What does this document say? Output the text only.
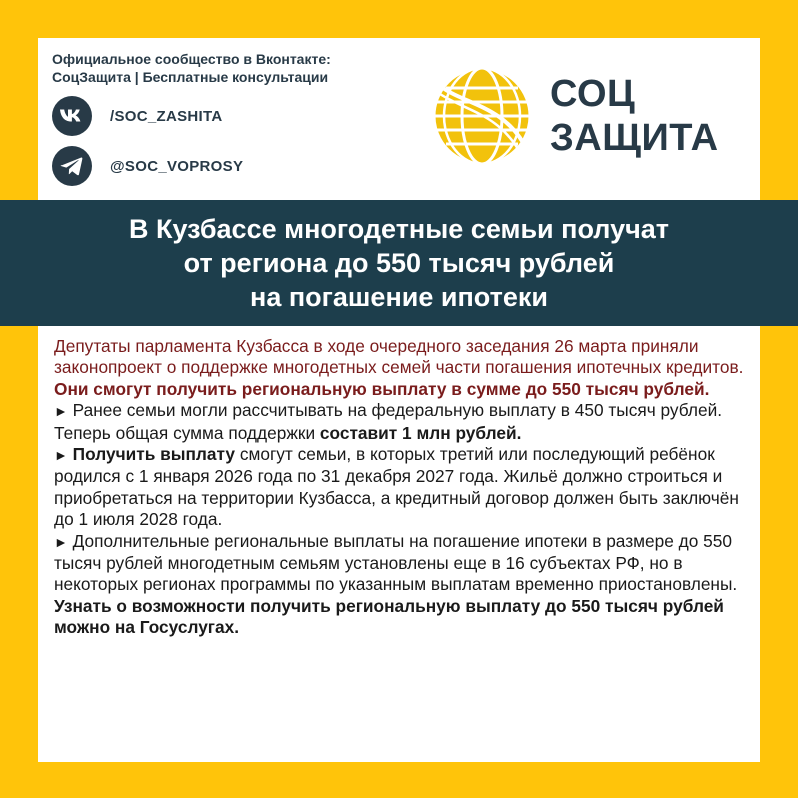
Официальное сообщество в Вконтакте:
СоцЗащита | Бесплатные консультации
/SOC_ZASHITA
@SOC_VOPROSY
СОЦ
ЗАЩИТА
В Кузбассе многодетные семьи получат
от региона до 550 тысяч рублей
на погашение ипотеки
Депутаты парламента Кузбасса в ходе очередного заседания 26 марта приняли законопроект о поддержке многодетных семей части погашения ипотечных кредитов. Они смогут получить региональную выплату в сумме до 550 тысяч рублей.
► Ранее семьи могли рассчитывать на федеральную выплату в 450 тысяч рублей. Теперь общая сумма поддержки составит 1 млн рублей.
► Получить выплату смогут семьи, в которых третий или последующий ребёнок родился с 1 января 2026 года по 31 декабря 2027 года. Жильё должно строиться и приобретаться на территории Кузбасса, а кредитный договор должен быть заключён до 1 июля 2028 года.
► Дополнительные региональные выплаты на погашение ипотеки в размере до 550 тысяч рублей многодетным семьям установлены еще в 16 субъектах РФ, но в некоторых регионах программы по указанным выплатам временно приостановлены.
Узнать о возможности получить региональную выплату до 550 тысяч рублей можно на Госуслугах.
